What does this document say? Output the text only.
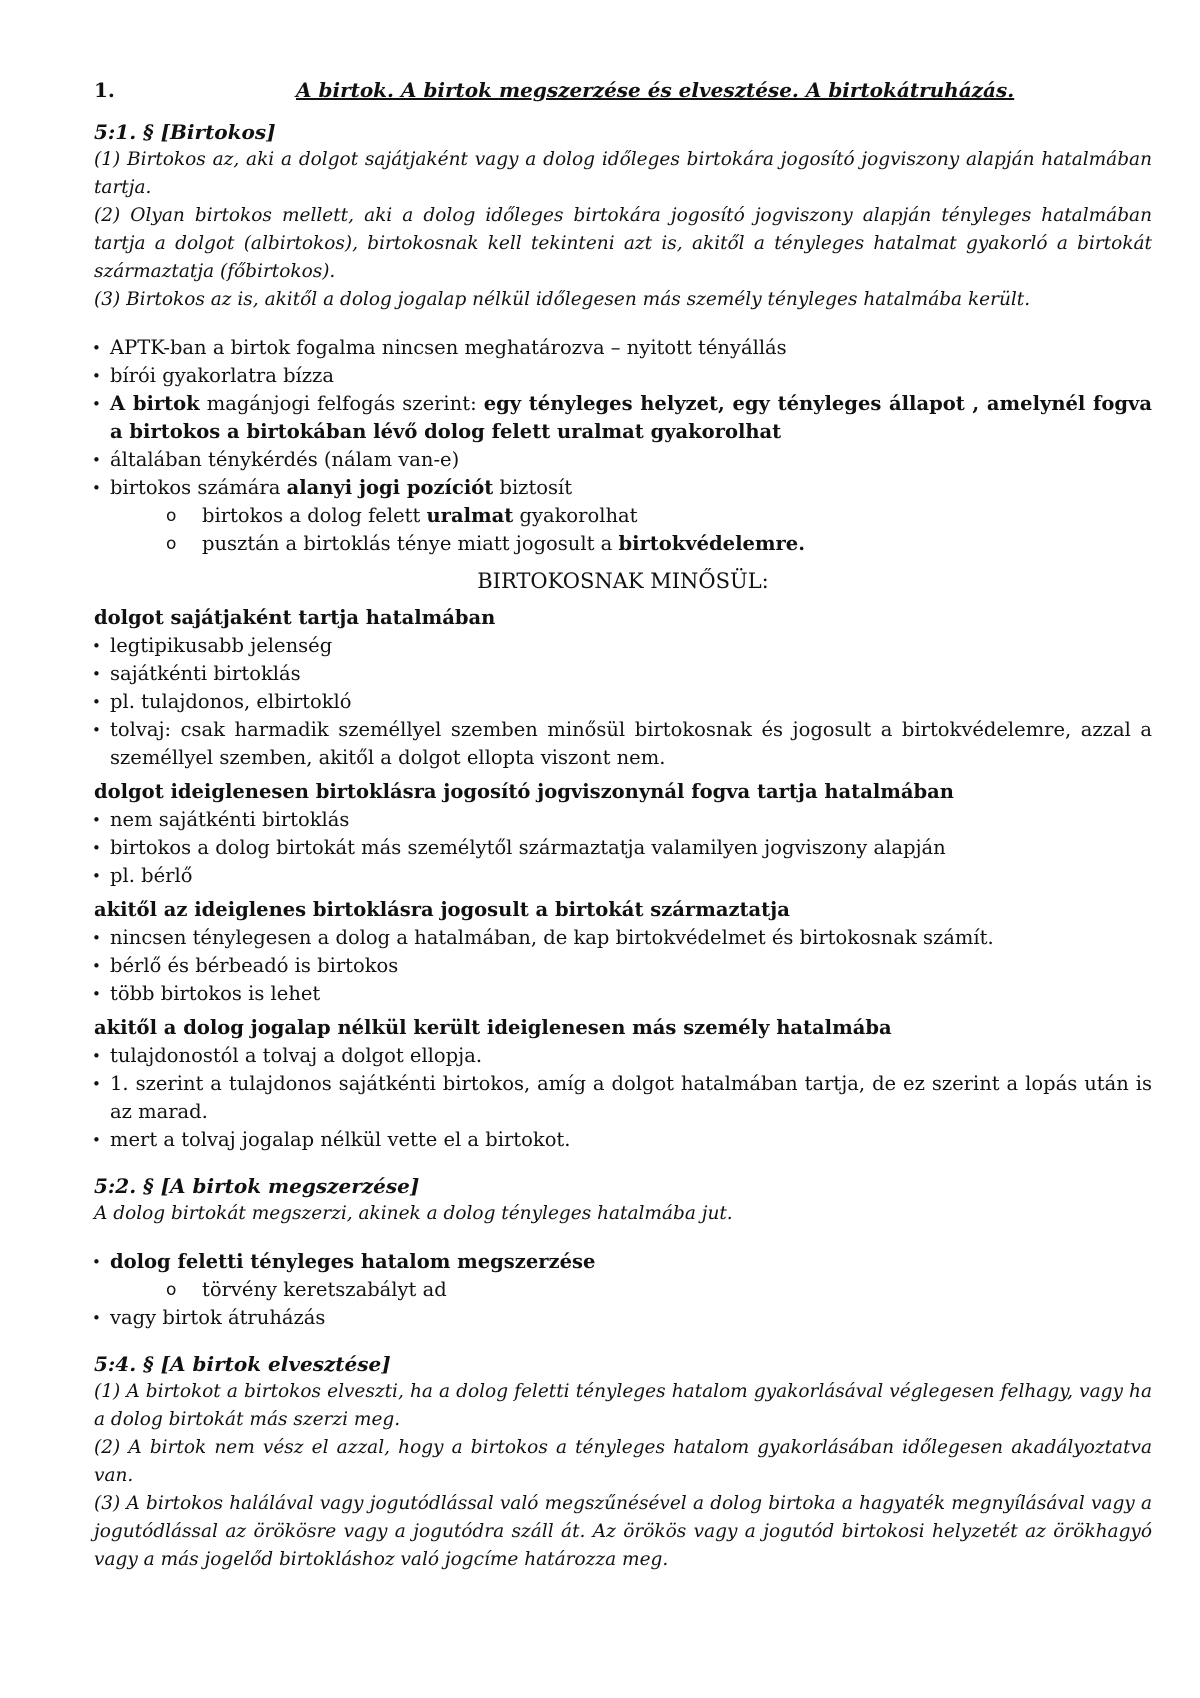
1.	A birtok. A birtok megszerzése és elvesztése. A birtokátruházás.
5:1. § [Birtokos]
(1) Birtokos az, aki a dolgot sajátjaként vagy a dolog időleges birtokára jogosító jogviszony alapján hatalmában tartja.
(2) Olyan birtokos mellett, aki a dolog időleges birtokára jogosító jogviszony alapján tényleges hatalmában tartja a dolgot (albirtokos), birtokosnak kell tekinteni azt is, akitől a tényleges hatalmat gyakorló a birtokát származtatja (főbirtokos).
(3) Birtokos az is, akitől a dolog jogalap nélkül időlegesen más személy tényleges hatalmába került.
• APTK-ban a birtok fogalma nincsen meghatározva – nyitott tényállás
• bírói gyakorlatra bízza
• A birtok magánjogi felfogás szerint: egy tényleges helyzet, egy tényleges állapot , amelynél fogva a birtokos a birtokában lévő dolog felett uralmat gyakorolhat
• általában ténykérdés (nálam van-e)
• birtokos számára alanyi jogi pozíciót biztosít
o birtokos a dolog felett uralmat gyakorolhat
o pusztán a birtoklás ténye miatt jogosult a birtokvédelemre.
BIRTOKOSNAK MINŐSÜL:
dolgot sajátjaként tartja hatalmában
• legtipikusabb jelenség
• sajátkénti birtoklás
• pl. tulajdonos, elbirtokló
• tolvaj: csak harmadik személlyel szemben minősül birtokosnak és jogosult a birtokvédelemre, azzal a személlyel szemben, akitől a dolgot ellopta viszont nem.
dolgot ideiglenesen birtoklásra jogosító jogviszonynál fogva tartja hatalmában
• nem sajátkénti birtoklás
• birtokos a dolog birtokát más személytől származtatja valamilyen jogviszony alapján
• pl. bérlő
akitől az ideiglenes birtoklásra jogosult a birtokát származtatja
• nincsen ténylegesen a dolog a hatalmában, de kap birtokvédelmet és birtokosnak számít.
• bérlő és bérbeadó is birtokos
• több birtokos is lehet
akitől a dolog jogalap nélkül került ideiglenesen más személy hatalmába
• tulajdonostól a tolvaj a dolgot ellopja.
• 1. szerint a tulajdonos sajátkénti birtokos, amíg a dolgot hatalmában tartja, de ez szerint a lopás után is az marad.
• mert a tolvaj jogalap nélkül vette el a birtokot.
5:2. § [A birtok megszerzése]
A dolog birtokát megszerzi, akinek a dolog tényleges hatalmába jut.
• dolog feletti tényleges hatalom megszerzése
o törvény keretszabályt ad
• vagy birtok átruházás
5:4. § [A birtok elvesztése]
(1) A birtokot a birtokos elveszti, ha a dolog feletti tényleges hatalom gyakorlásával véglegesen felhagy, vagy ha a dolog birtokát más szerzi meg.
(2) A birtok nem vész el azzal, hogy a birtokos a tényleges hatalom gyakorlásában időlegesen akadályoztatva van.
(3) A birtokos halálával vagy jogutódlással való megszűnésével a dolog birtoka a hagyaték megnyílásával vagy a jogutódlással az örökösre vagy a jogutódra száll át. Az örökös vagy a jogutód birtokosi helyzetét az örökhagyó vagy a más jogelőd birtokláshoz való jogcíme határozza meg.
